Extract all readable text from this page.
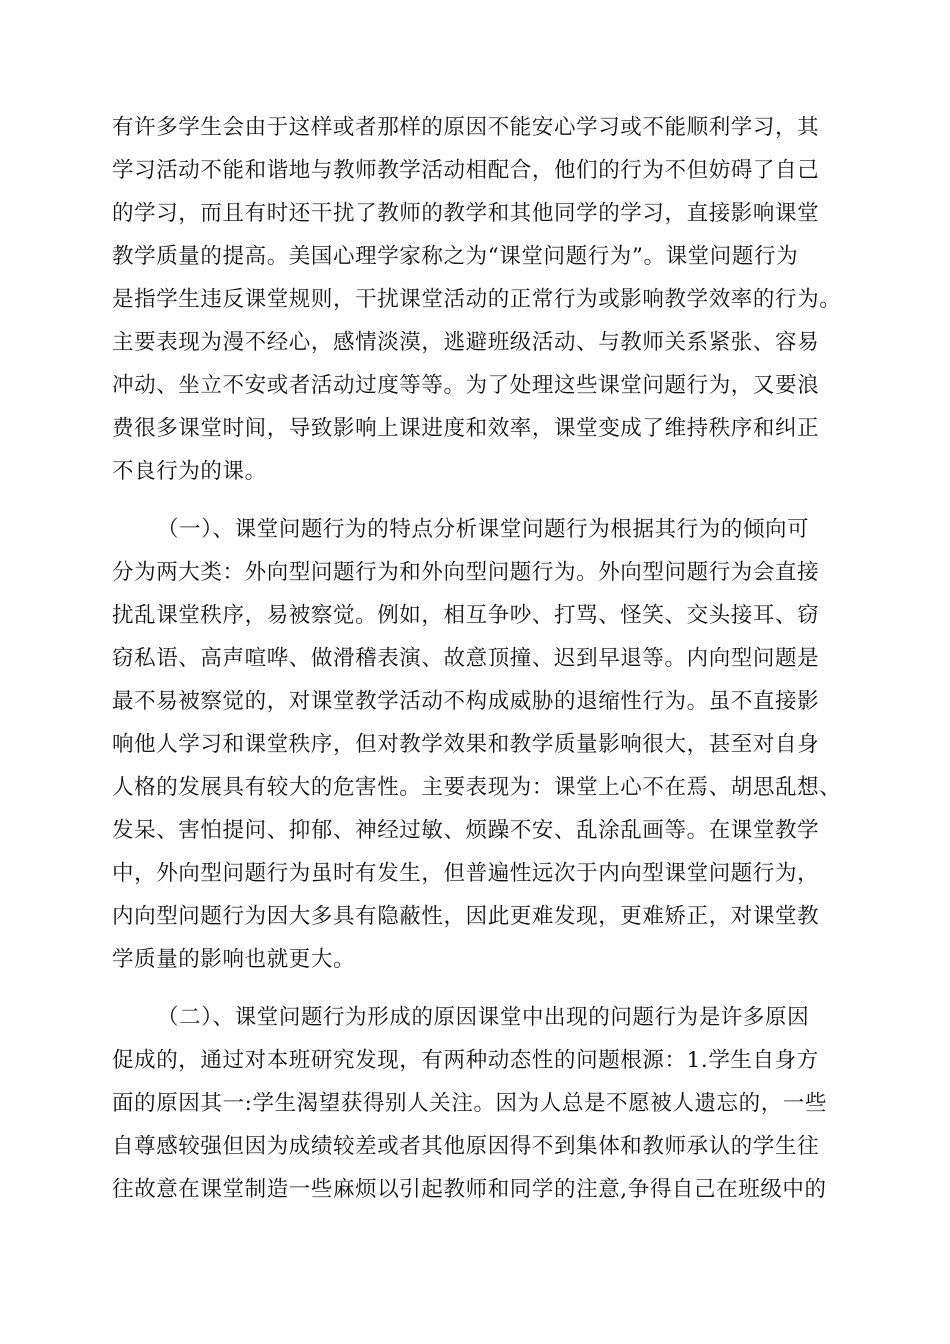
有许多学生会由于这样或者那样的原因不能安心学习或不能顺利学习，其
学习活动不能和谐地与教师教学活动相配合，他们的行为不但妨碍了自己
的学习，而且有时还干扰了教师的教学和其他同学的学习，直接影响课堂
教学质量的提高。美国心理学家称之为“课堂问题行为”。课堂问题行为
是指学生违反课堂规则，干扰课堂活动的正常行为或影响教学效率的行为。
主要表现为漫不经心，感情淡漠，逃避班级活动、与教师关系紧张、容易
冲动、坐立不安或者活动过度等等。为了处理这些课堂问题行为，又要浪
费很多课堂时间，导致影响上课进度和效率，课堂变成了维持秩序和纠正
不良行为的课。
（一）、课堂问题行为的特点分析课堂问题行为根据其行为的倾向可
分为两大类：外向型问题行为和外向型问题行为。外向型问题行为会直接
扰乱课堂秩序，易被察觉。例如，相互争吵、打骂、怪笑、交头接耳、窃
窃私语、高声喧哗、做滑稽表演、故意顶撞、迟到早退等。内向型问题是
最不易被察觉的，对课堂教学活动不构成威胁的退缩性行为。虽不直接影
响他人学习和课堂秩序，但对教学效果和教学质量影响很大，甚至对自身
人格的发展具有较大的危害性。主要表现为：课堂上心不在焉、胡思乱想、
发呆、害怕提问、抑郁、神经过敏、烦躁不安、乱涂乱画等。在课堂教学
中，外向型问题行为虽时有发生，但普遍性远次于内向型课堂问题行为，
内向型问题行为因大多具有隐蔽性，因此更难发现，更难矫正，对课堂教
学质量的影响也就更大。
（二）、课堂问题行为形成的原因课堂中出现的问题行为是许多原因
促成的，通过对本班研究发现，有两种动态性的问题根源：1.学生自身方
面的原因其一:学生渴望获得别人关注。因为人总是不愿被人遗忘的，一些
自尊感较强但因为成绩较差或者其他原因得不到集体和教师承认的学生往
往故意在课堂制造一些麻烦以引起教师和同学的注意,争得自己在班级中的
